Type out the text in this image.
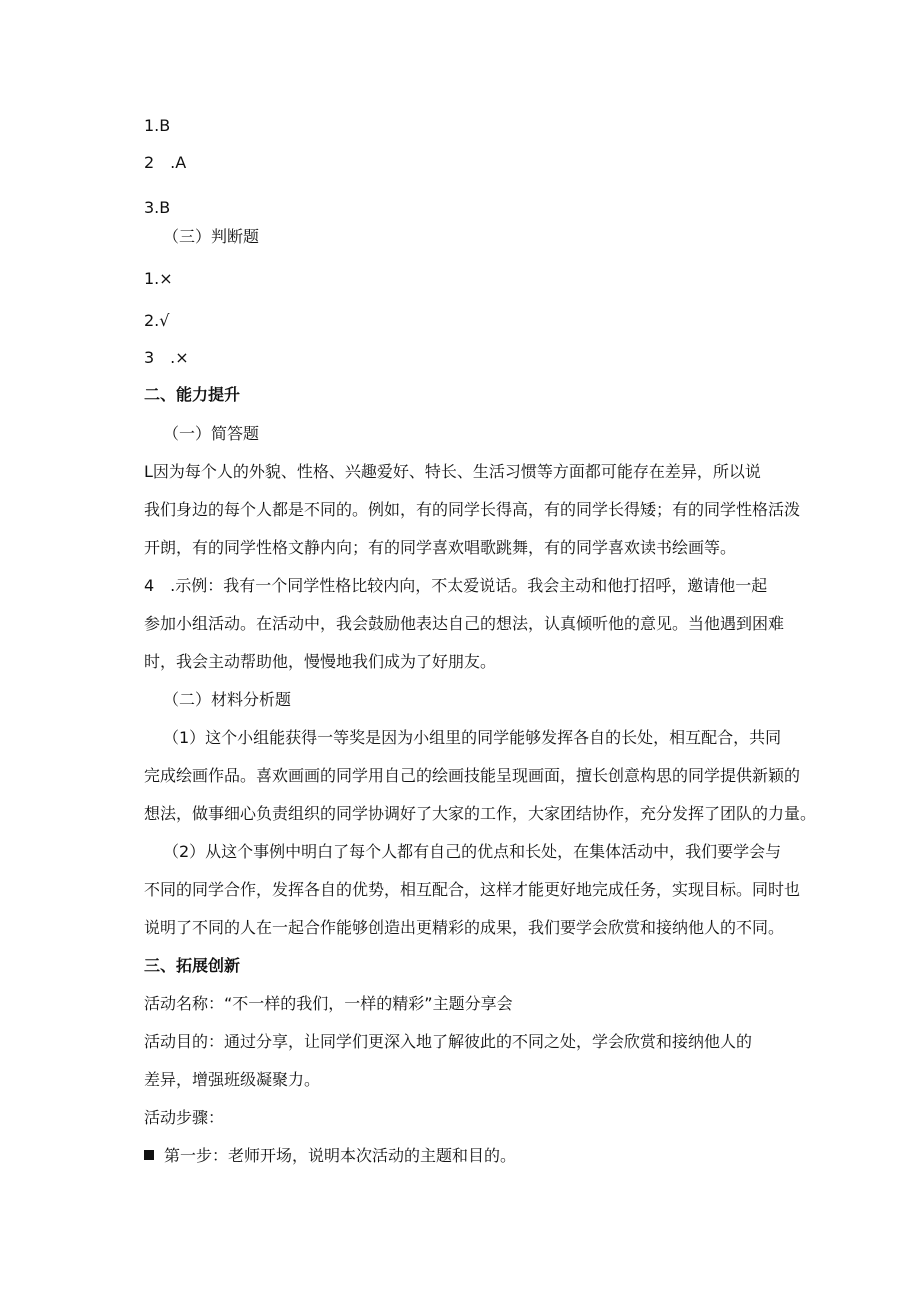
1.B
2 .A
3.B
（三）判断题
1.×
2.√
3 .×
二、能力提升
（一）简答题
L因为每个人的外貌、性格、兴趣爱好、特长、生活习惯等方面都可能存在差异，所以说
我们身边的每个人都是不同的。例如，有的同学长得高，有的同学长得矮；有的同学性格活泼
开朗，有的同学性格文静内向；有的同学喜欢唱歌跳舞，有的同学喜欢读书绘画等。
4 .示例：我有一个同学性格比较内向，不太爱说话。我会主动和他打招呼，邀请他一起
参加小组活动。在活动中，我会鼓励他表达自己的想法，认真倾听他的意见。当他遇到困难
时，我会主动帮助他，慢慢地我们成为了好朋友。
（二）材料分析题
（1）这个小组能获得一等奖是因为小组里的同学能够发挥各自的长处，相互配合，共同
完成绘画作品。喜欢画画的同学用自己的绘画技能呈现画面，擅长创意构思的同学提供新颖的
想法，做事细心负责组织的同学协调好了大家的工作，大家团结协作，充分发挥了团队的力量。
（2）从这个事例中明白了每个人都有自己的优点和长处，在集体活动中，我们要学会与
不同的同学合作，发挥各自的优势，相互配合，这样才能更好地完成任务，实现目标。同时也
说明了不同的人在一起合作能够创造出更精彩的成果，我们要学会欣赏和接纳他人的不同。
三、拓展创新
活动名称：“不一样的我们，一样的精彩”主题分享会
活动目的：通过分享，让同学们更深入地了解彼此的不同之处，学会欣赏和接纳他人的
差异，增强班级凝聚力。
活动步骤：
第一步：老师开场，说明本次活动的主题和目的。
